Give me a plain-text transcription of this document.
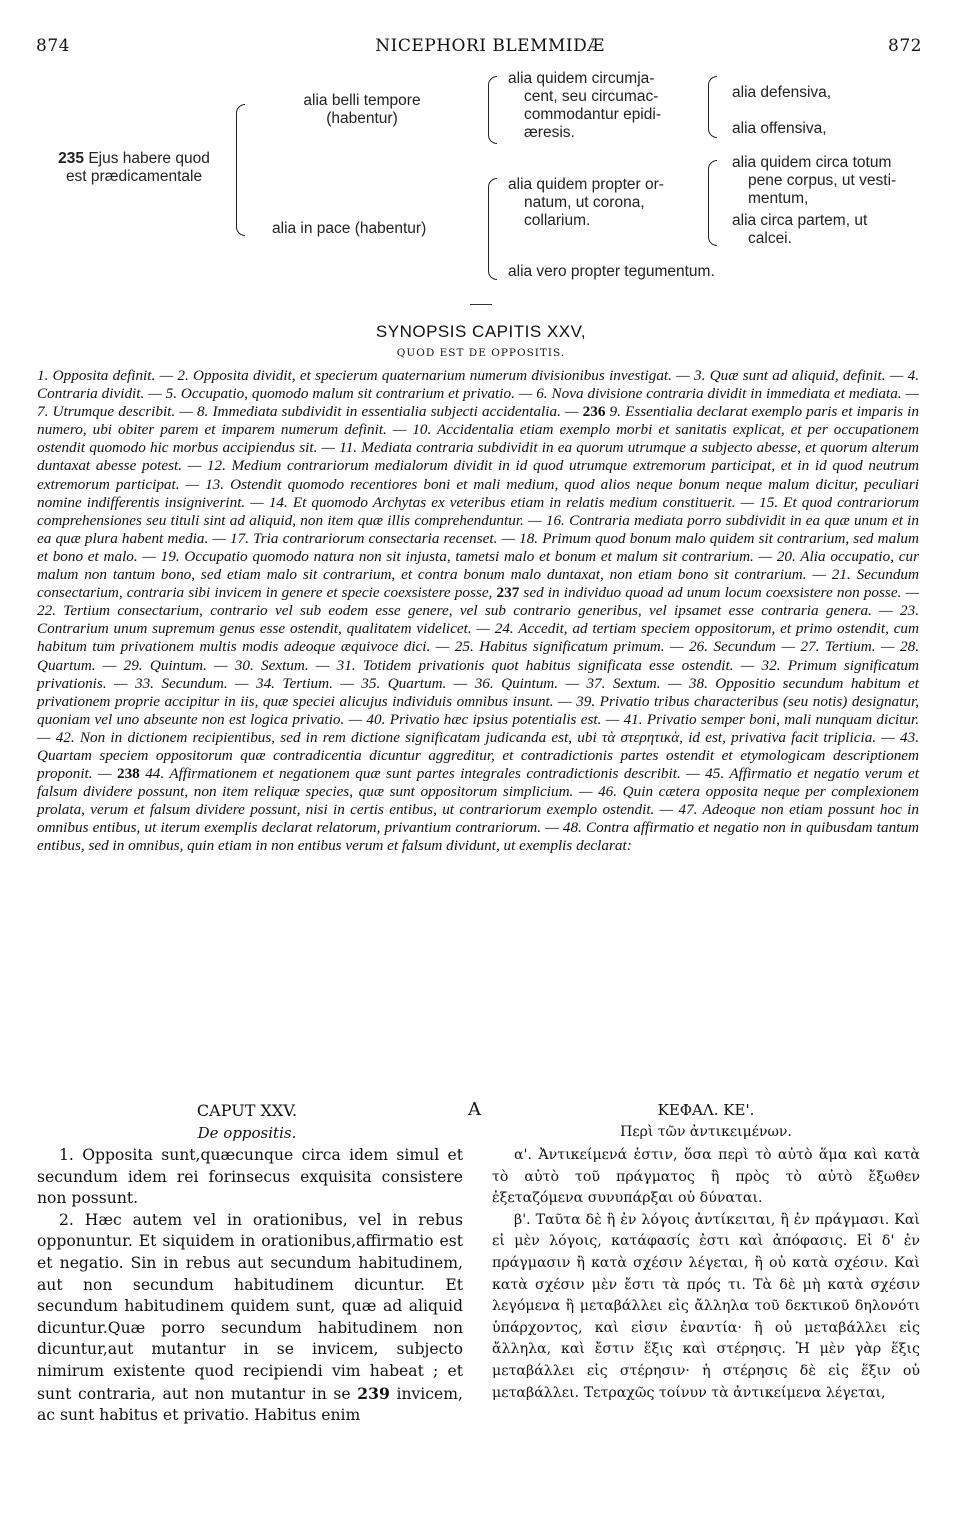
874	NICEPHORI BLEMMIDÆ	872
235 Ejus habere quod
est prædicamentale
alia belli tempore
(habentur)
alia in pace (habentur)
alia quidem circumja-
cent, seu circumac-
commodantur epidi-
æresis.
alia defensiva,
alia offensiva,
alia quidem propter or-
natum, ut corona,
collarium.
alia quidem circa totum
pene corpus, ut vesti-
mentum,
alia circa partem, ut
calcei.
alia vero propter tegumentum.
SYNOPSIS CAPITIS XXV,
QUOD EST DE OPPOSITIS.
1. Opposita definit. — 2. Opposita dividit, et specierum quaternarium numerum divisionibus investigat. — 3. Quæ sunt ad aliquid, definit. — 4. Contraria dividit. — 5. Occupatio, quomodo malum sit contrarium et privatio. — 6. Nova divisione contraria dividit in immediata et mediata. — 7. Utrumque describit. — 8. Immediata subdividit in essentialia subjecti accidentalia. — 236 9. Essentialia declarat exemplo paris et imparis in numero, ubi obiter parem et imparem numerum definit. — 10. Accidentalia etiam exemplo morbi et sanitatis explicat, et per occupationem ostendit quomodo hic morbus accipiendus sit. — 11. Mediata contraria subdividit in ea quorum utrumque a subjecto abesse, et quorum alterum duntaxat abesse potest. — 12. Medium contrariorum medialorum dividit in id quod utrumque extremorum participat, et in id quod neutrum extremorum participat. — 13. Ostendit quomodo recentiores boni et mali medium, quod alios neque bonum neque malum dicitur, peculiari nomine indifferentis insigniverint. — 14. Et quomodo Archytas ex veteribus etiam in relatis medium constituerit. — 15. Et quod contrariorum comprehensiones seu tituli sint ad aliquid, non item quæ illis comprehenduntur. — 16. Contraria mediata porro subdividit in ea quæ unum et in ea quæ plura habent media. — 17. Tria contrariorum consectaria recenset. — 18. Primum quod bonum malo quidem sit contrarium, sed malum et bono et malo. — 19. Occupatio quomodo natura non sit injusta, tametsi malo et bonum et malum sit contrarium. — 20. Alia occupatio, cur malum non tantum bono, sed etiam malo sit contrarium, et contra bonum malo duntaxat, non etiam bono sit contrarium. — 21. Secundum consectarium, contraria sibi invicem in genere et specie coexsistere posse, 237 sed in individuo quoad ad unum locum coexsistere non posse. — 22. Tertium consectarium, contrario vel sub eodem esse genere, vel sub contrario generibus, vel ipsamet esse contraria genera. — 23. Contrarium unum supremum genus esse ostendit, qualitatem videlicet. — 24. Accedit, ad tertiam speciem oppositorum, et primo ostendit, cum habitum tum privationem multis modis adeoque æquivoce dici. — 25. Habitus significatum primum. — 26. Secundum — 27. Tertium. — 28. Quartum. — 29. Quintum. — 30. Sextum. — 31. Totidem privationis quot habitus significata esse ostendit. — 32. Primum significatum privationis. — 33. Secundum. — 34. Tertium. — 35. Quartum. — 36. Quintum. — 37. Sextum. — 38. Oppositio secundum habitum et privationem proprie accipitur in iis, quæ speciei alicujus individuis omnibus insunt. — 39. Privatio tribus characteribus (seu notis) designatur, quoniam vel uno abseunte non est logica privatio. — 40. Privatio hæc ipsius potentialis est. — 41. Privatio semper boni, mali nunquam dicitur. — 42. Non in dictionem recipientibus, sed in rem dictione significatam judicanda est, ubi τὰ στερητικὰ, id est, privativa facit triplicia. — 43. Quartam speciem oppositorum quæ contradicentia dicuntur aggreditur, et contradictionis partes ostendit et etymologicam descriptionem proponit. — 238 44. Affirmationem et negationem quæ sunt partes integrales contradictionis describit. — 45. Affirmatio et negatio verum et falsum dividere possunt, non item reliquæ species, quæ sunt oppositorum simplicium. — 46. Quin cætera opposita neque per complexionem prolata, verum et falsum dividere possunt, nisi in certis entibus, ut contrariorum exemplo ostendit. — 47. Adeoque non etiam possunt hoc in omnibus entibus, ut iterum exemplis declarat relatorum, privantium contrariorum. — 48. Contra affirmatio et negatio non in quibusdam tantum entibus, sed in omnibus, quin etiam in non entibus verum et falsum dividunt, ut exemplis declarat:
CAPUT XXV.
De oppositis.

1. Opposita sunt,quæcunque circa idem simul et secundum idem rei forinsecus exquisita consistere non possunt.

2. Hæc autem vel in orationibus, vel in rebus opponuntur. Et siquidem in orationibus,affirmatio est et negatio. Sin in rebus aut secundum habitudinem, aut non secundum habitudinem dicuntur. Et secundum habitudinem quidem sunt, quæ ad aliquid dicuntur.Quæ porro secundum habitudinem non dicuntur,aut mutantur in se invicem, subjecto nimirum existente quod recipiendi vim habeat ; et sunt contraria, aut non mutantur in se 239 invicem, ac sunt habitus et privatio. Habitus enim

A	ΚΕΦΑΛ. ΚΕ'.
Περὶ τῶν ἀντικειμένων.

α'. Ἀντικείμενά ἐστιν, ὅσα περὶ τὸ αὐτὸ ἅμα καὶ κατὰ τὸ αὐτὸ τοῦ πράγματος ἢ πρὸς τὸ αὐτὸ ἔξωθεν ἐξεταζόμενα συνυπάρξαι οὐ δύναται.

β'. Ταῦτα δὲ ἢ ἐν λόγοις ἀντίκειται, ἢ ἐν πράγμασι. Καὶ εἰ μὲν λόγοις, κατάφασίς ἐστι καὶ ἀπόφασις. Εἰ δ' ἐν πράγμασιν ἢ κατὰ σχέσιν λέγεται, ἢ οὐ κατὰ σχέσιν. Καὶ κατὰ σχέσιν μὲν ἔστι τὰ πρός τι. Τὰ δὲ μὴ κατὰ σχέσιν λεγόμενα ἢ μεταβάλλει εἰς ἄλληλα τοῦ δεκτικοῦ δηλονότι ὑπάρχοντος, καὶ εἰσιν ἐναντία· ἢ οὐ μεταβάλλει εἰς ἄλληλα, καὶ ἔστιν ἕξις καὶ στέρησις. Ἡ μὲν γὰρ ἕξις μεταβάλλει εἰς στέρησιν· ἡ στέρησις δὲ εἰς ἕξιν οὐ μεταβάλλει. Τετραχῶς τοίνυν τὰ ἀντικείμενα λέγεται,
